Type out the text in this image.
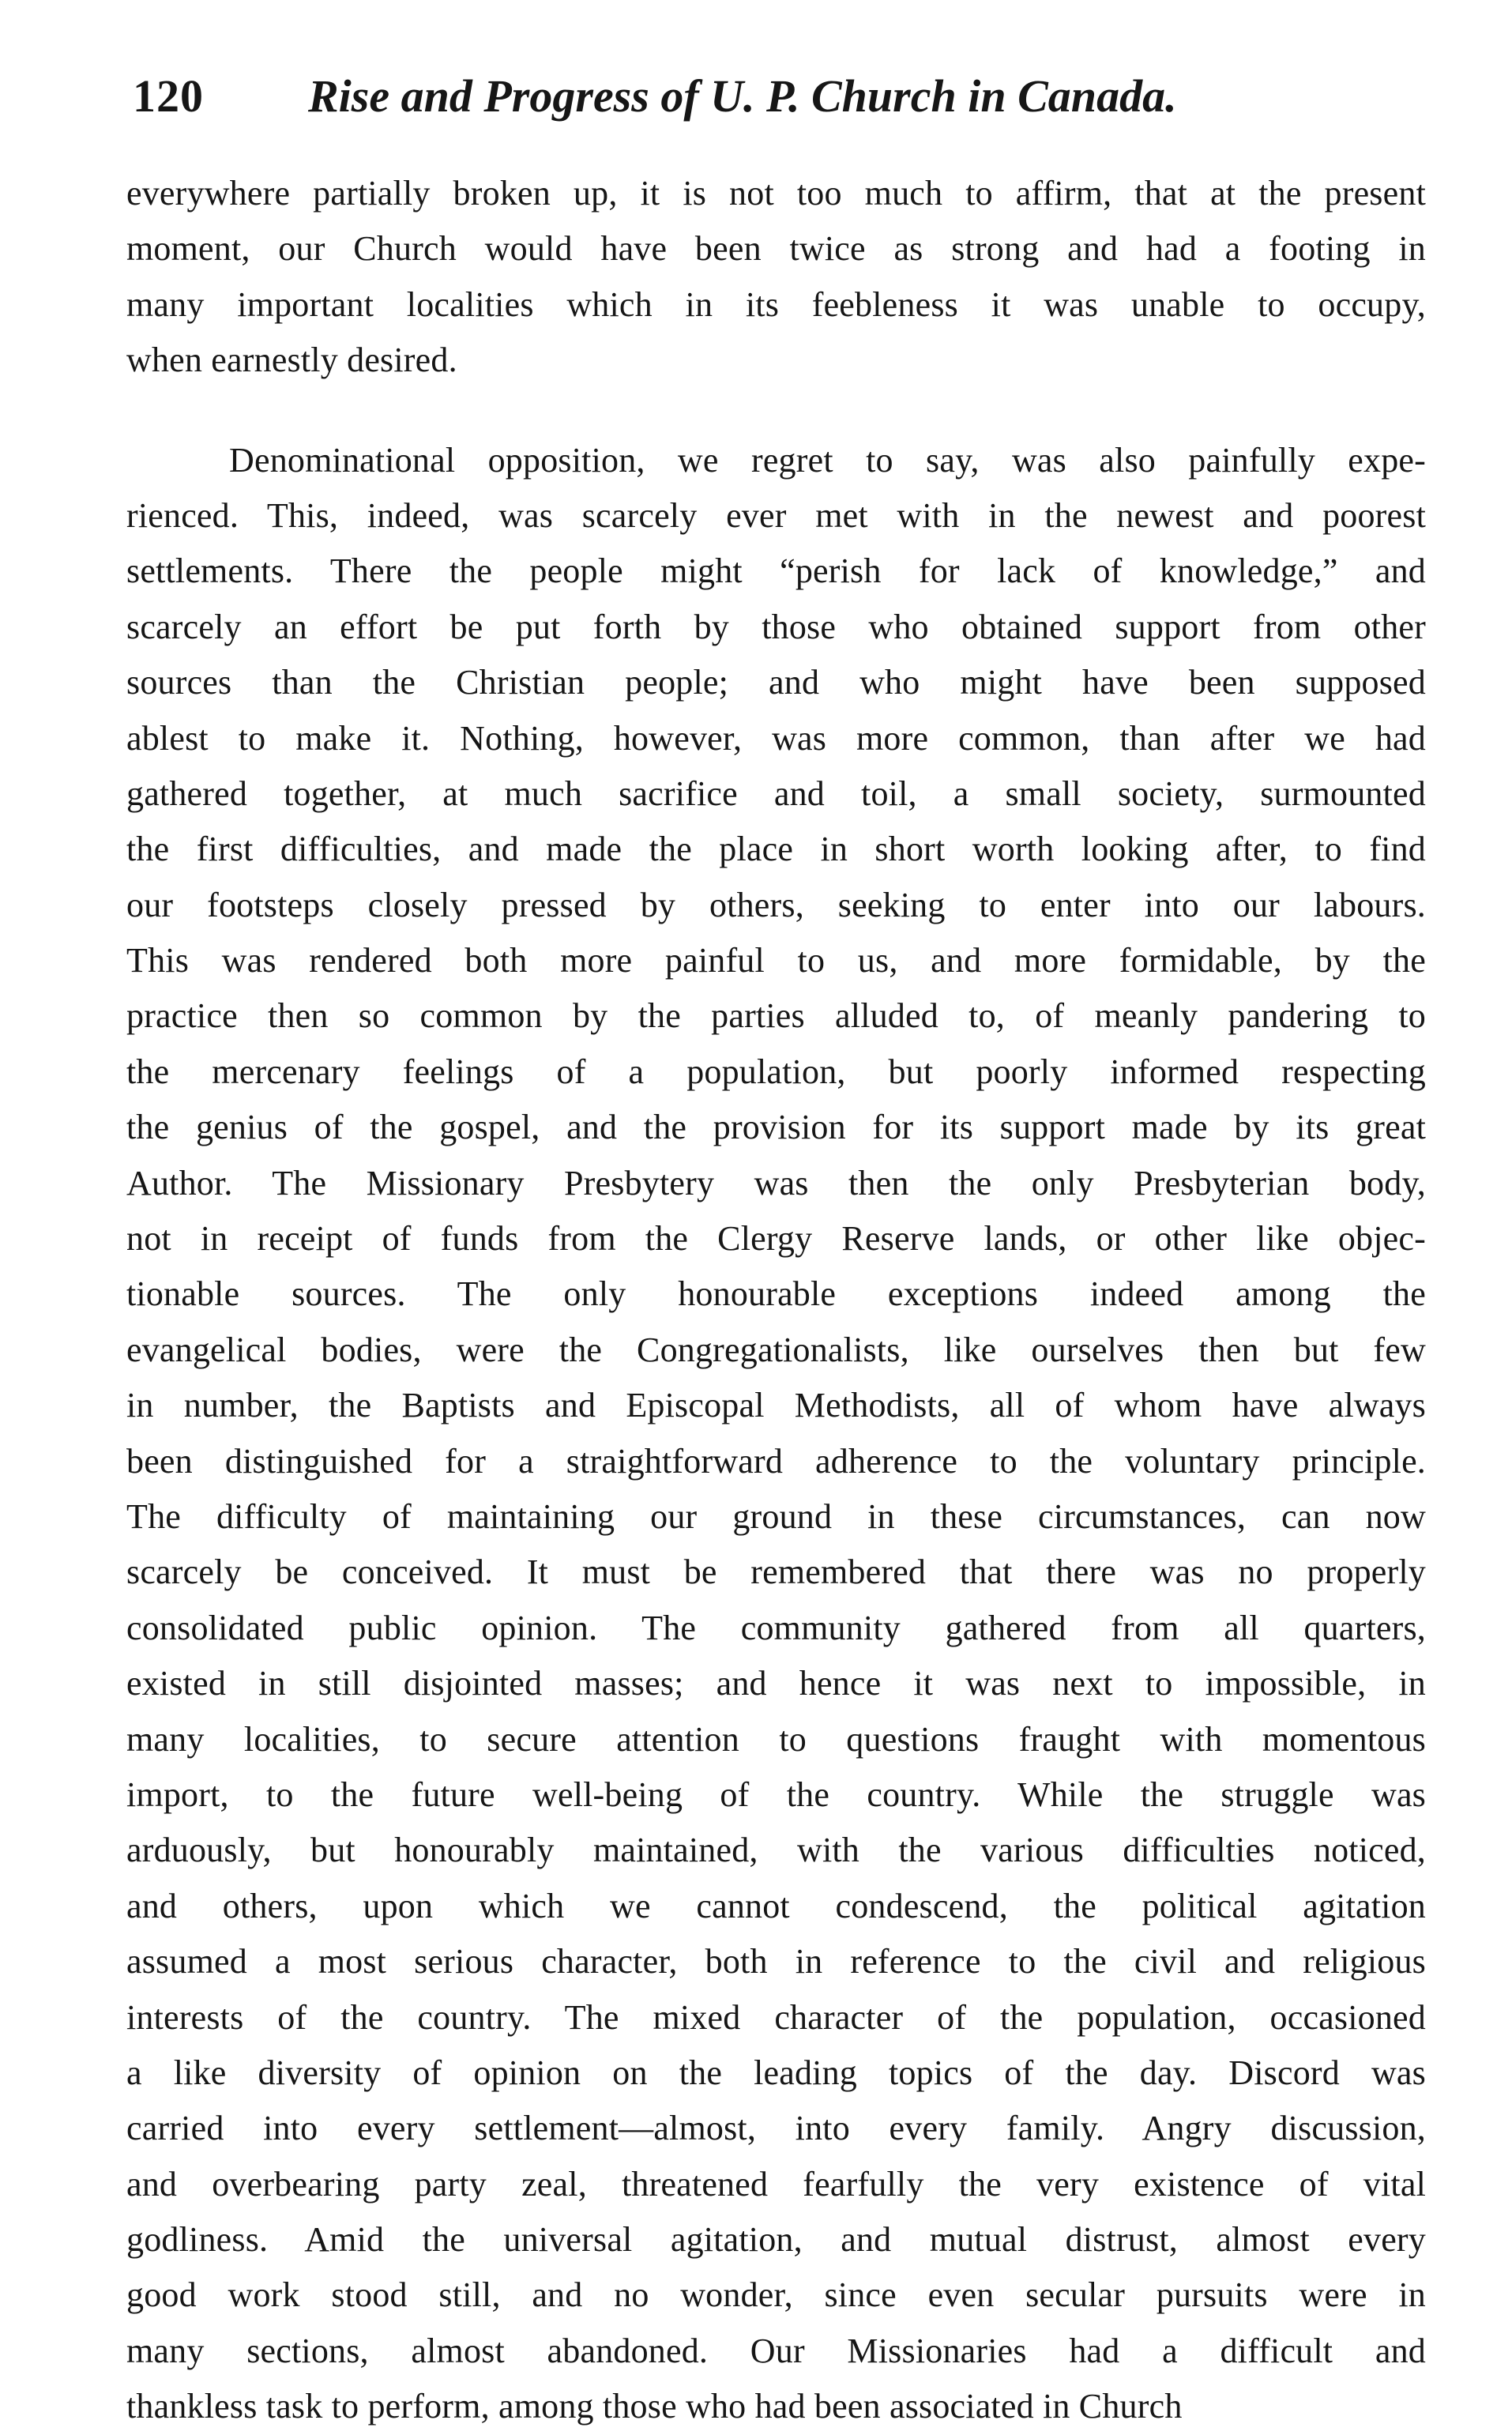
120 Rise and Progress of U. P. Church in Canada.
everywhere partially broken up, it is not too much to affirm, that at the present
moment, our Church would have been twice as strong and had a footing in
many important localities which in its feebleness it was unable to occupy,
when earnestly desired.
Denominational opposition, we regret to say, was also painfully expe-
rienced. This, indeed, was scarcely ever met with in the newest and poorest
settlements. There the people might “perish for lack of knowledge,” and
scarcely an effort be put forth by those who obtained support from other
sources than the Christian people; and who might have been supposed
ablest to make it. Nothing, however, was more common, than after we had
gathered together, at much sacrifice and toil, a small society, surmounted
the first difficulties, and made the place in short worth looking after, to find
our footsteps closely pressed by others, seeking to enter into our labours.
This was rendered both more painful to us, and more formidable, by the
practice then so common by the parties alluded to, of meanly pandering to
the mercenary feelings of a population, but poorly informed respecting
the genius of the gospel, and the provision for its support made by its great
Author. The Missionary Presbytery was then the only Presbyterian body,
not in receipt of funds from the Clergy Reserve lands, or other like objec-
tionable sources. The only honourable exceptions indeed among the
evangelical bodies, were the Congregationalists, like ourselves then but few
in number, the Baptists and Episcopal Methodists, all of whom have always
been distinguished for a straightforward adherence to the voluntary principle.
The difficulty of maintaining our ground in these circumstances, can now
scarcely be conceived. It must be remembered that there was no properly
consolidated public opinion. The community gathered from all quarters,
existed in still disjointed masses; and hence it was next to impossible, in
many localities, to secure attention to questions fraught with momentous
import, to the future well-being of the country. While the struggle was
arduously, but honourably maintained, with the various difficulties noticed,
and others, upon which we cannot condescend, the political agitation
assumed a most serious character, both in reference to the civil and religious
interests of the country. The mixed character of the population, occasioned
a like diversity of opinion on the leading topics of the day. Discord was
carried into every settlement—almost, into every family. Angry discussion,
and overbearing party zeal, threatened fearfully the very existence of vital
godliness. Amid the universal agitation, and mutual distrust, almost every
good work stood still, and no wonder, since even secular pursuits were in
many sections, almost abandoned. Our Missionaries had a difficult and
thankless task to perform, among those who had been associated in Church
